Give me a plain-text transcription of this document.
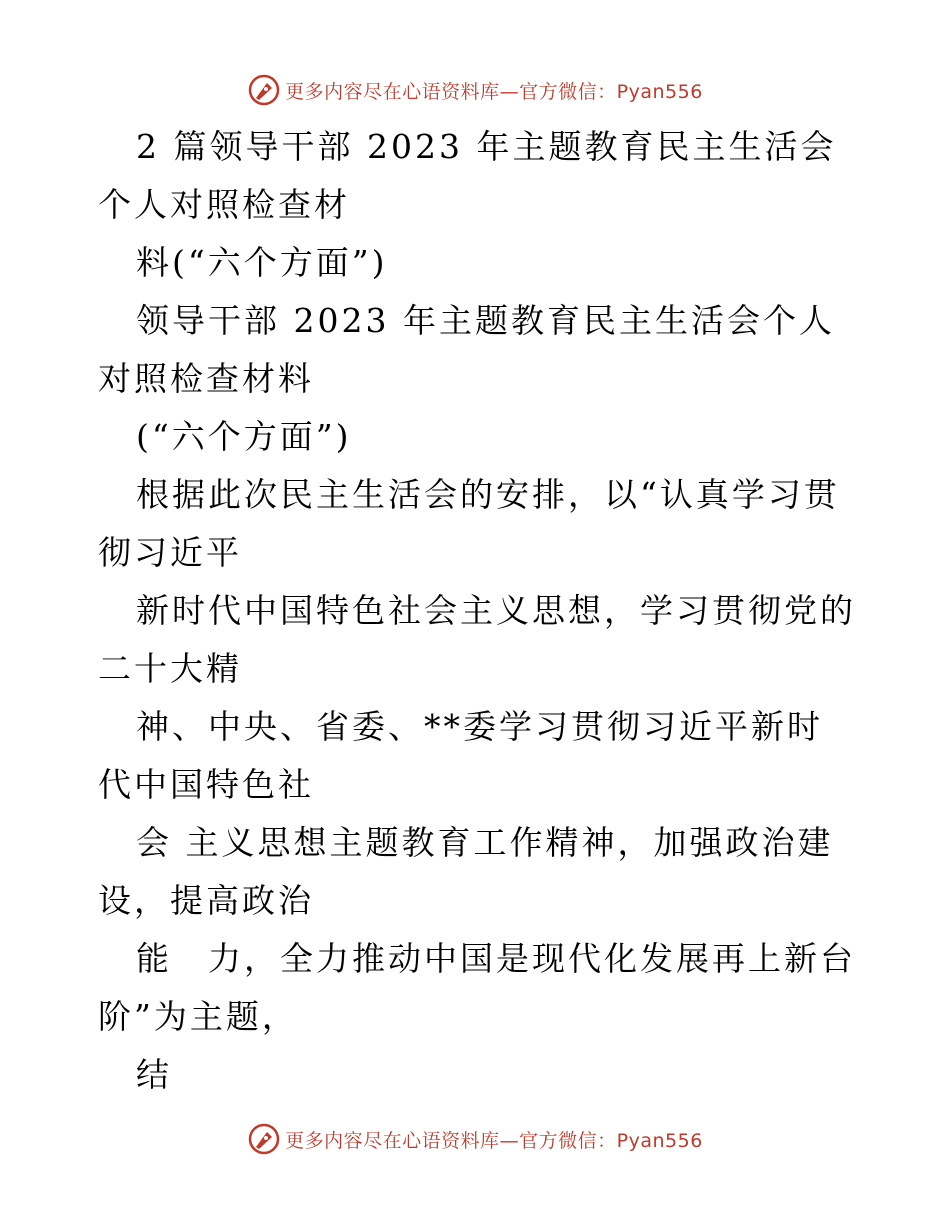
更多内容尽在心语资料库—官方微信：Pyan556

2 篇领导干部 2023 年主题教育民主生活会个人对照检查材

料(“六个方面”)

领导干部 2023 年主题教育民主生活会个人对照检查材料

(“六个方面”)

根据此次民主生活会的安排，以“认真学习贯彻习近平

新时代中国特色社会主义思想，学习贯彻党的二十大精

神、中央、省委、**委学习贯彻习近平新时代中国特色社

会 主义思想主题教育工作精神，加强政治建设，提高政治

能　力，全力推动中国是现代化发展再上新台阶”为主题，

结

更多内容尽在心语资料库—官方微信：Pyan556
